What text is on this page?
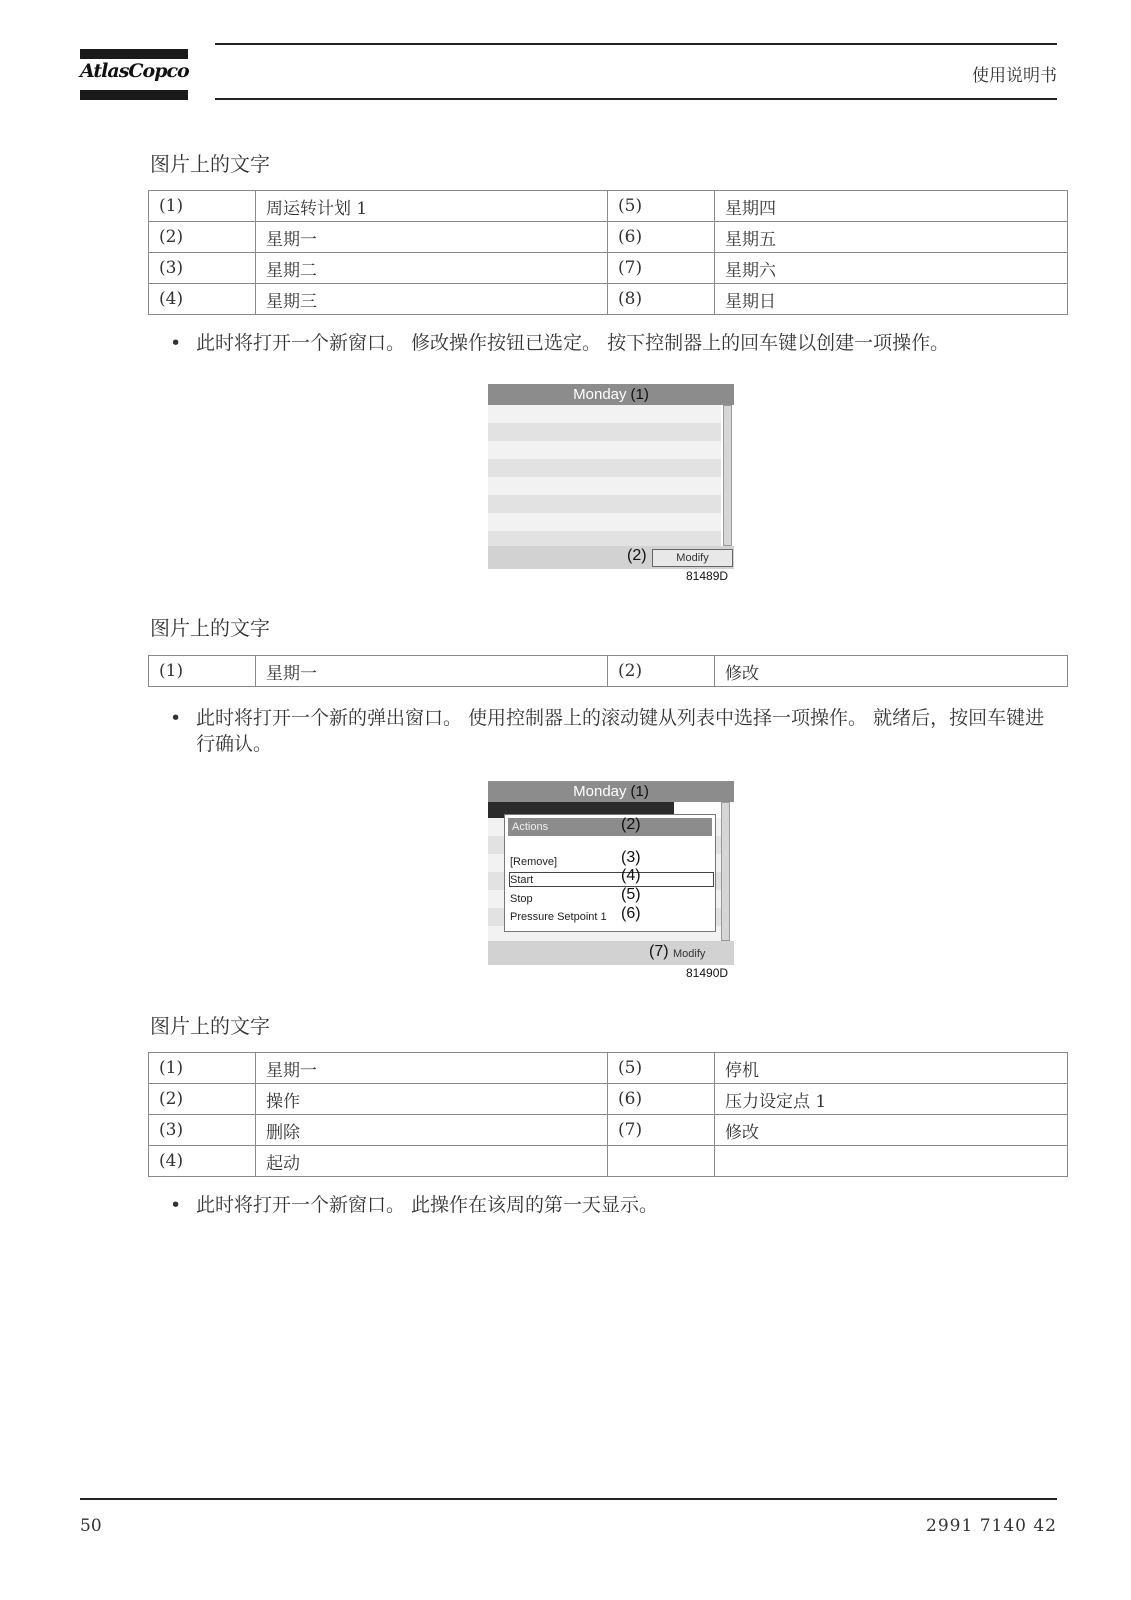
AtlasCopco	使用说明书
图片上的文字
(1)	周运转计划 1	(5)	星期四
(2)	星期一	(6)	星期五
(3)	星期二	(7)	星期六
(4)	星期三	(8)	星期日
• 此时将打开一个新窗口。 修改操作按钮已选定。 按下控制器上的回车键以创建一项操作。
Monday (1)
(2)	Modify
81489D
图片上的文字
(1)	星期一	(2)	修改
• 此时将打开一个新的弹出窗口。 使用控制器上的滚动键从列表中选择一项操作。 就绪后，按回车键进行确认。
Monday (1)
Actions
[Remove]
Start
Stop
Pressure Setpoint 1
(2)
(3)
(4)
(5)
(6)
(7) Modify
81490D
图片上的文字
(1)	星期一	(5)	停机
(2)	操作	(6)	压力设定点 1
(3)	删除	(7)	修改
(4)	起动		
• 此时将打开一个新窗口。 此操作在该周的第一天显示。
50	2991 7140 42
